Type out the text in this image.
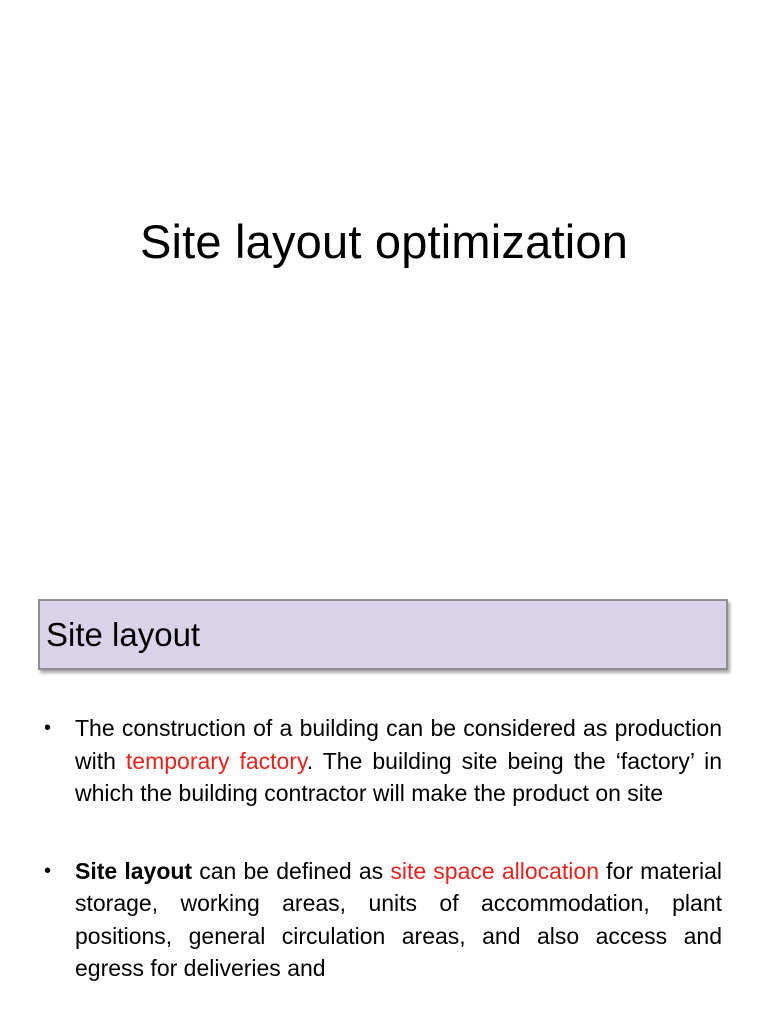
Site layout optimization
Site layout
• The construction of a building can be considered as production with temporary factory. The building site being the ‘factory’ in which the building contractor will make the product on site
• Site layout can be defined as site space allocation for material storage, working areas, units of accommodation, plant positions, general circulation areas, and also access and egress for deliveries and
